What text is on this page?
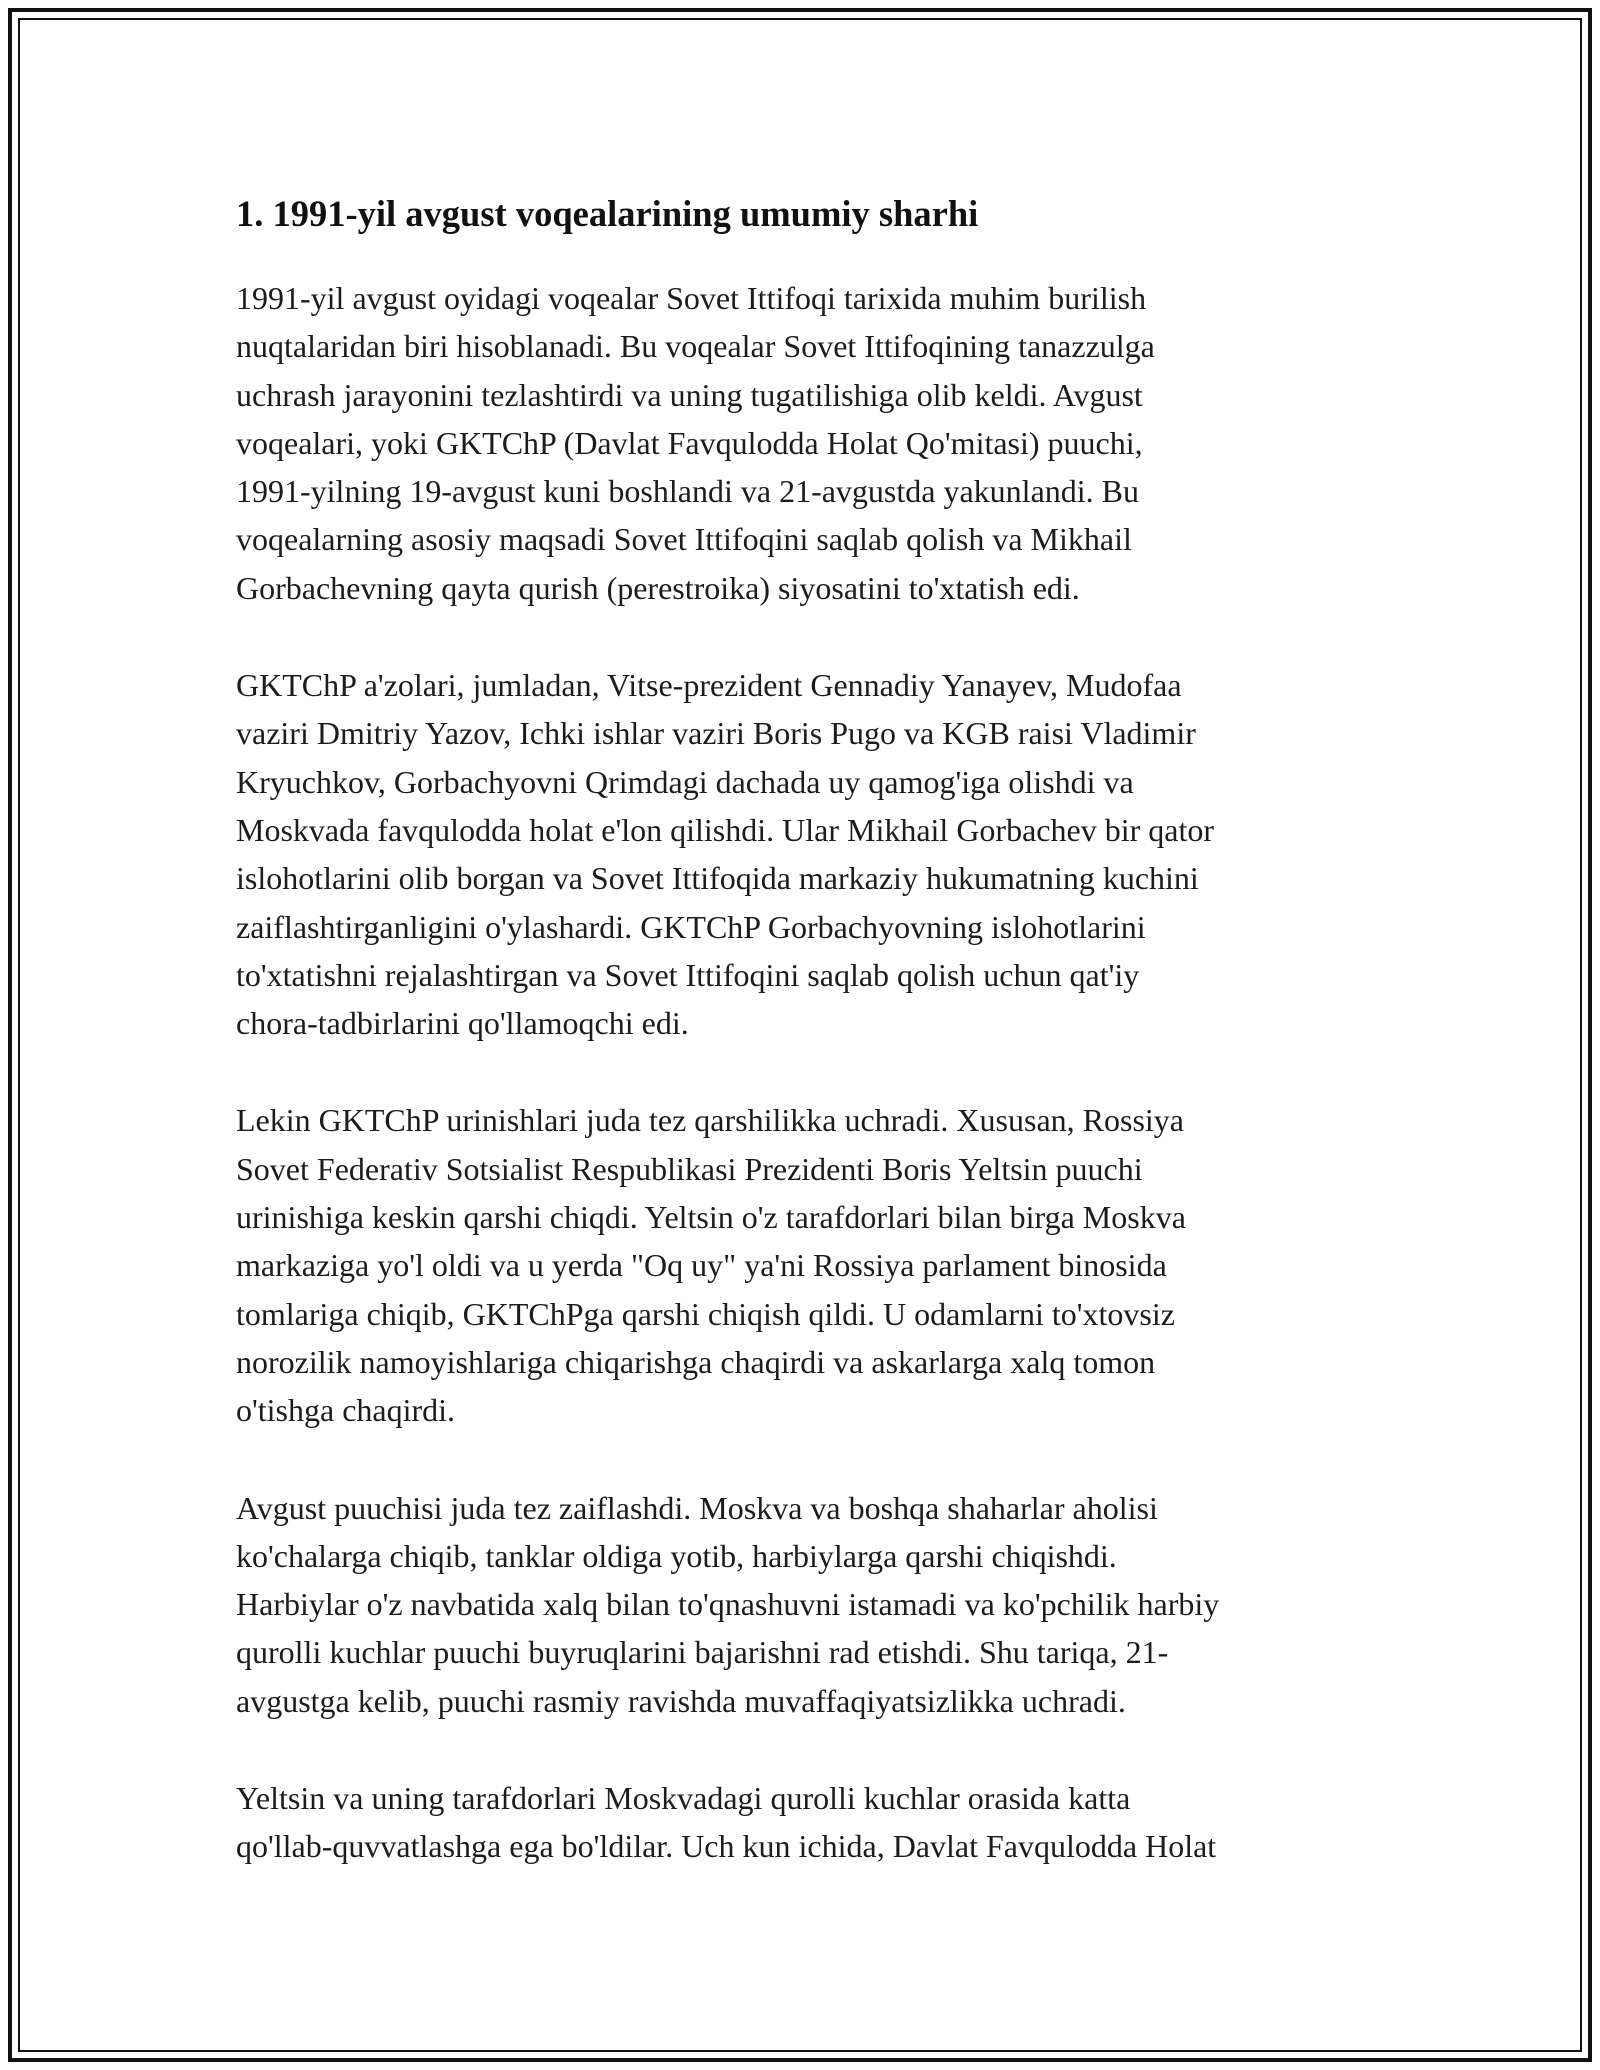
1. 1991-yil avgust voqealarining umumiy sharhi

1991-yil avgust oyidagi voqealar Sovet Ittifoqi tarixida muhim burilish
nuqtalaridan biri hisoblanadi. Bu voqealar Sovet Ittifoqining tanazzulga
uchrash jarayonini tezlashtirdi va uning tugatilishiga olib keldi. Avgust
voqealari, yoki GKTChP (Davlat Favqulodda Holat Qo'mitasi) puuchi,
1991-yilning 19-avgust kuni boshlandi va 21-avgustda yakunlandi. Bu
voqealarning asosiy maqsadi Sovet Ittifoqini saqlab qolish va Mikhail
Gorbachevning qayta qurish (perestroika) siyosatini to'xtatish edi.

GKTChP a'zolari, jumladan, Vitse-prezident Gennadiy Yanayev, Mudofaa
vaziri Dmitriy Yazov, Ichki ishlar vaziri Boris Pugo va KGB raisi Vladimir
Kryuchkov, Gorbachyovni Qrimdagi dachada uy qamog'iga olishdi va
Moskvada favqulodda holat e'lon qilishdi. Ular Mikhail Gorbachev bir qator
islohotlarini olib borgan va Sovet Ittifoqida markaziy hukumatning kuchini
zaiflashtirganligini o'ylashardi. GKTChP Gorbachyovning islohotlarini
to'xtatishni rejalashtirgan va Sovet Ittifoqini saqlab qolish uchun qat'iy
chora-tadbirlarini qo'llamoqchi edi.

Lekin GKTChP urinishlari juda tez qarshilikka uchradi. Xususan, Rossiya
Sovet Federativ Sotsialist Respublikasi Prezidenti Boris Yeltsin puuchi
urinishiga keskin qarshi chiqdi. Yeltsin o'z tarafdorlari bilan birga Moskva
markaziga yo'l oldi va u yerda "Oq uy" ya'ni Rossiya parlament binosida
tomlariga chiqib, GKTChPga qarshi chiqish qildi. U odamlarni to'xtovsiz
norozilik namoyishlariga chiqarishga chaqirdi va askarlarga xalq tomon
o'tishga chaqirdi.

Avgust puuchisi juda tez zaiflashdi. Moskva va boshqa shaharlar aholisi
ko'chalarga chiqib, tanklar oldiga yotib, harbiylarga qarshi chiqishdi.
Harbiylar o'z navbatida xalq bilan to'qnashuvni istamadi va ko'pchilik harbiy
qurolli kuchlar puuchi buyruqlarini bajarishni rad etishdi. Shu tariqa, 21-
avgustga kelib, puuchi rasmiy ravishda muvaffaqiyatsizlikka uchradi.

Yeltsin va uning tarafdorlari Moskvadagi qurolli kuchlar orasida katta
qo'llab-quvvatlashga ega bo'ldilar. Uch kun ichida, Davlat Favqulodda Holat
